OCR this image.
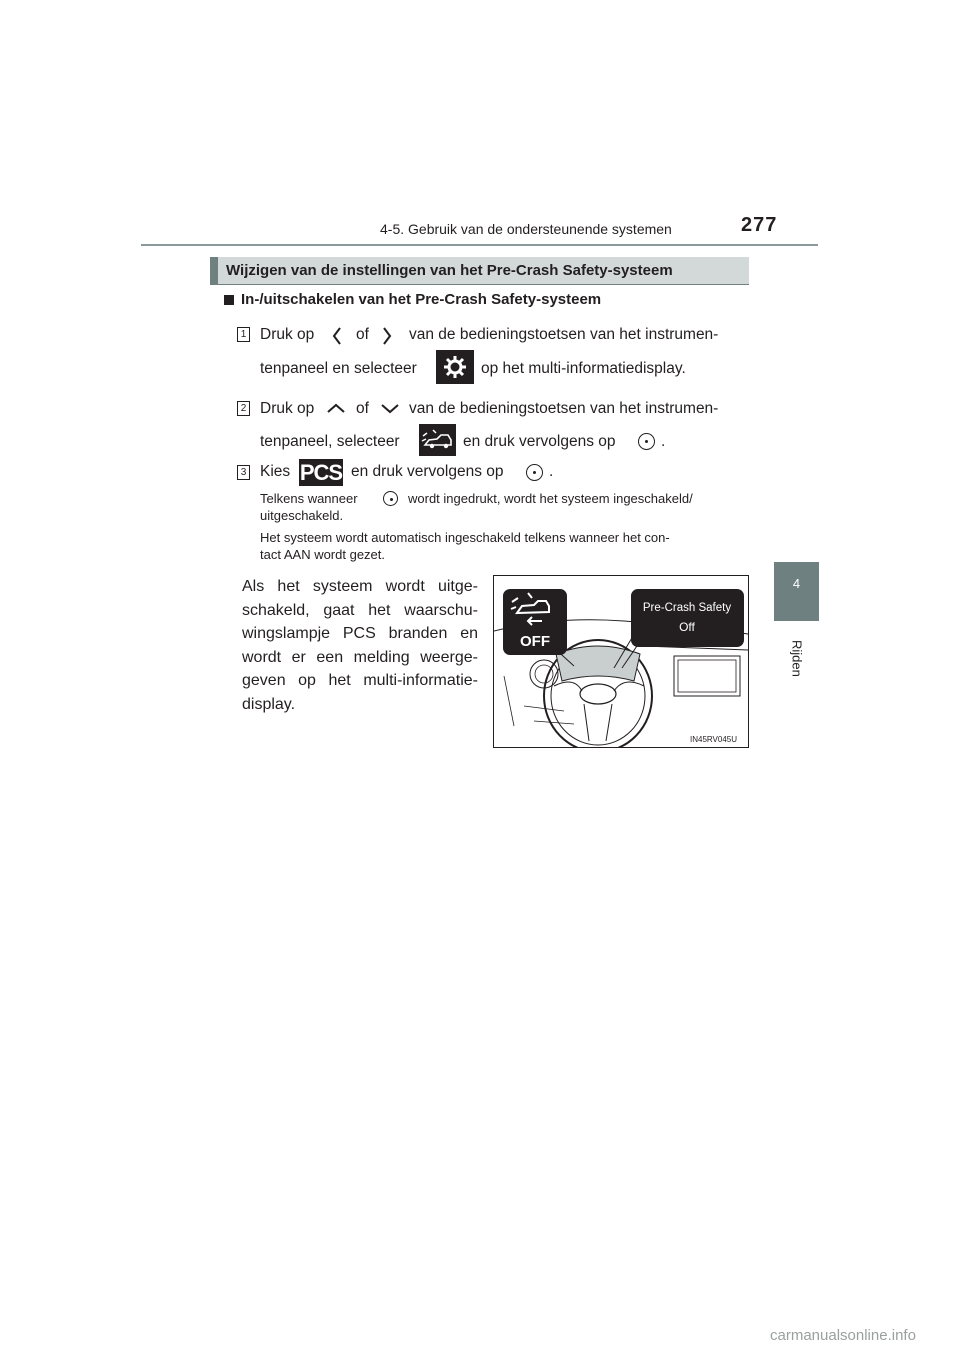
4-5. Gebruik van de ondersteunende systemen	277
4
Rijden
Wijzigen van de instellingen van het Pre-Crash Safety-systeem
In-/uitschakelen van het Pre-Crash Safety-systeem
1 Druk op	of	van de bedieningstoetsen van het instrumen-
tenpaneel en selecteer	op het multi-informatiedisplay.
2 Druk op	of	van de bedieningstoetsen van het instrumen-
tenpaneel, selecteer	en druk vervolgens op	.
3 Kies PCS en druk vervolgens op	.
Telkens wanneer	wordt ingedrukt, wordt het systeem ingeschakeld/
uitgeschakeld.
Het systeem wordt automatisch ingeschakeld telkens wanneer het con-
tact AAN wordt gezet.
Als het systeem wordt uitge-
schakeld, gaat het waarschu-
wingslampje PCS branden en
wordt er een melding weerge-
geven op het multi-informatie-
display.
OFF
Pre-Crash Safety
Off
IN45RV045U
carmanualsonline.info
